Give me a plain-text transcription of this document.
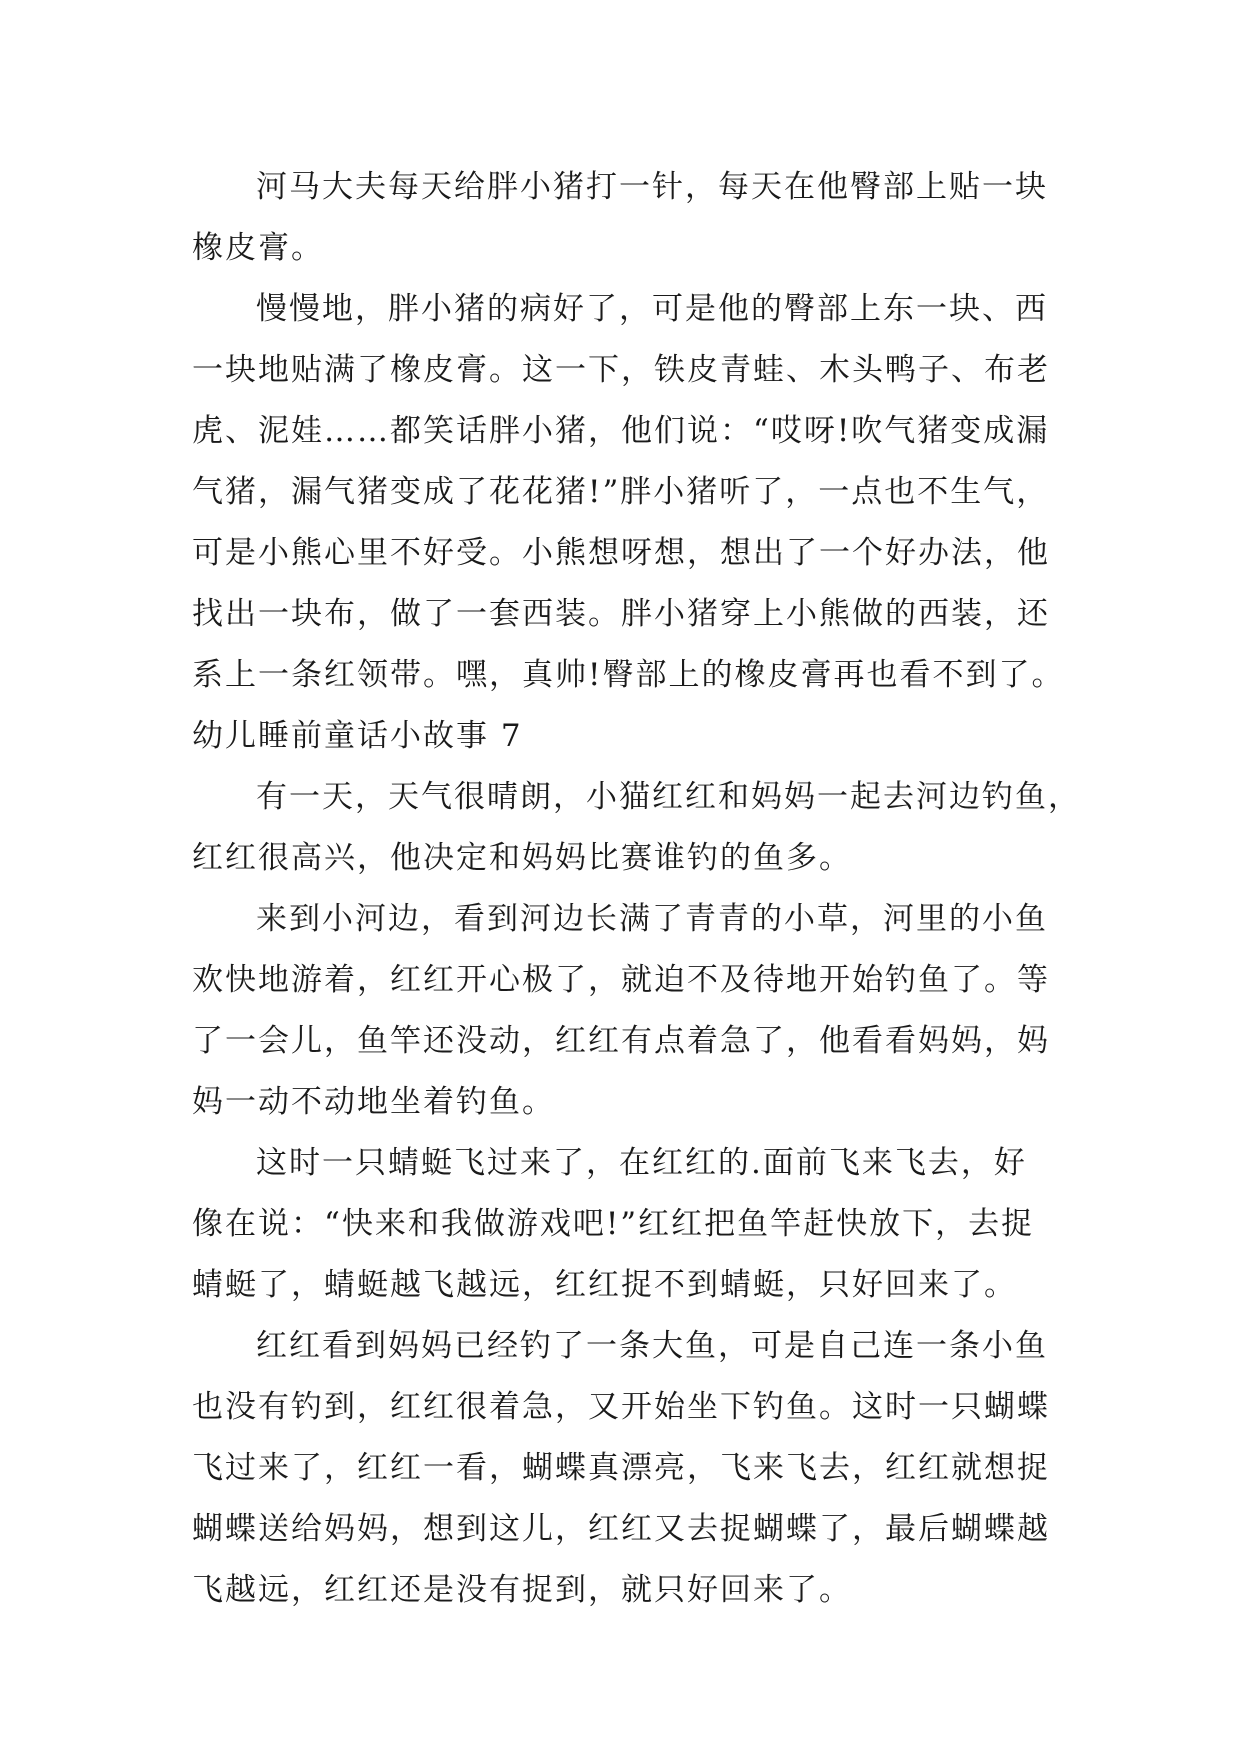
河马大夫每天给胖小猪打一针，每天在他臀部上贴一块
橡皮膏。

慢慢地，胖小猪的病好了，可是他的臀部上东一块、西
一块地贴满了橡皮膏。这一下，铁皮青蛙、木头鸭子、布老
虎、泥娃……都笑话胖小猪，他们说：“哎呀!吹气猪变成漏
气猪，漏气猪变成了花花猪!”胖小猪听了，一点也不生气，
可是小熊心里不好受。小熊想呀想，想出了一个好办法，他
找出一块布，做了一套西装。胖小猪穿上小熊做的西装，还
系上一条红领带。嘿，真帅!臀部上的橡皮膏再也看不到了。

幼儿睡前童话小故事 7

有一天，天气很晴朗，小猫红红和妈妈一起去河边钓鱼，
红红很高兴，他决定和妈妈比赛谁钓的鱼多。

来到小河边，看到河边长满了青青的小草，河里的小鱼
欢快地游着，红红开心极了，就迫不及待地开始钓鱼了。等
了一会儿，鱼竿还没动，红红有点着急了，他看看妈妈，妈
妈一动不动地坐着钓鱼。

这时一只蜻蜓飞过来了，在红红的.面前飞来飞去，好
像在说：“快来和我做游戏吧!”红红把鱼竿赶快放下，去捉
蜻蜓了，蜻蜓越飞越远，红红捉不到蜻蜓，只好回来了。

红红看到妈妈已经钓了一条大鱼，可是自己连一条小鱼
也没有钓到，红红很着急，又开始坐下钓鱼。这时一只蝴蝶
飞过来了，红红一看，蝴蝶真漂亮，飞来飞去，红红就想捉
蝴蝶送给妈妈，想到这儿，红红又去捉蝴蝶了，最后蝴蝶越
飞越远，红红还是没有捉到，就只好回来了。
